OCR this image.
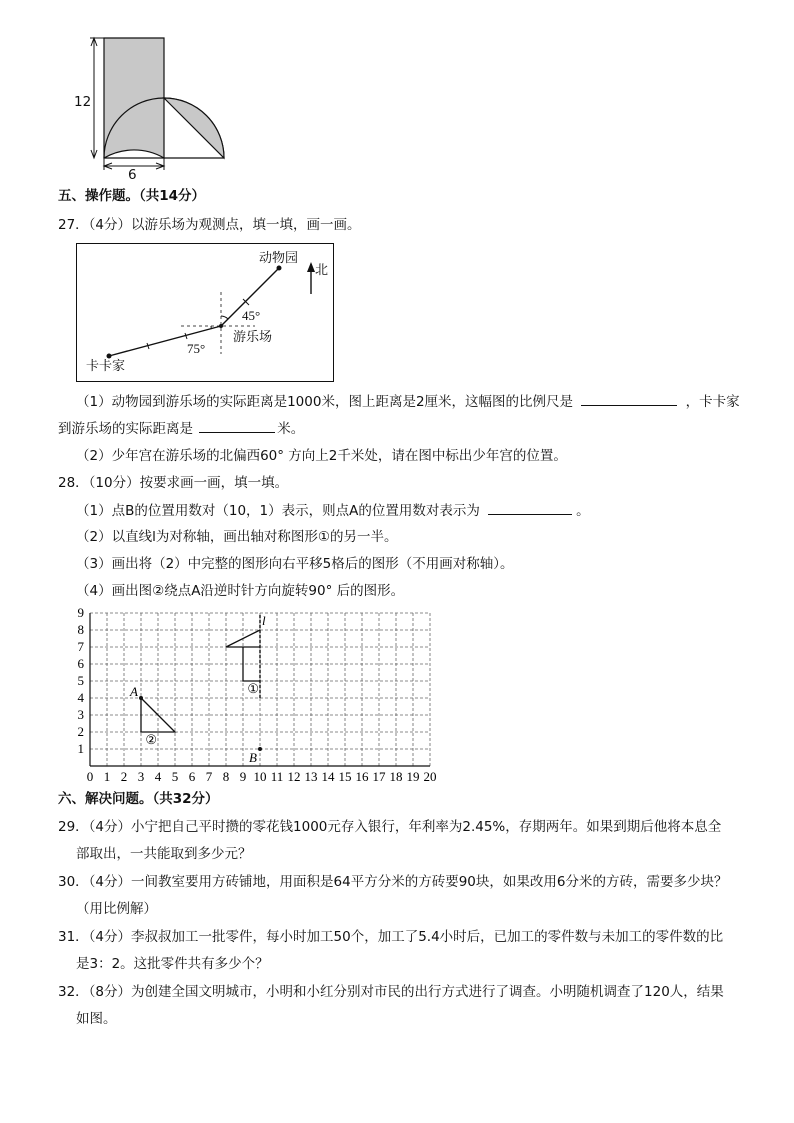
12
6
五、操作题。（共14分）
27．（4分）以游乐场为观测点，填一填，画一画。
动物园
北
45°
75°
游乐场
卡卡家
（1）动物园到游乐场的实际距离是1000米，图上距离是2厘米，这幅图的比例尺是	，卡卡家
到游乐场的实际距离是	米。
（2）少年宫在游乐场的北偏西60° 方向上2千米处，请在图中标出少年宫的位置。
28．（10分）按要求画一画，填一填。
（1）点B的位置用数对（10，1）表示，则点A的位置用数对表示为	。
（2）以直线l为对称轴，画出轴对称图形①的另一半。
（3）画出将（2）中完整的图形向右平移5格后的图形（不用画对称轴）。
（4）画出图②绕点A沿逆时针方向旋转90° 后的图形。
0 1 2 3 4 5 6 7 8 9 10 11 12 13 14 15 16 17 18 19 20
1
2
3
4
5
6
7
8
9
A
B
l
①
②
六、解决问题。（共32分）
29．（4分）小宁把自己平时攒的零花钱1000元存入银行，年利率为2.45%，存期两年。如果到期后他将本息全
部取出，一共能取到多少元？
30．（4分）一间教室要用方砖铺地，用面积是64平方分米的方砖要90块，如果改用6分米的方砖，需要多少块？
（用比例解）
31．（4分）李叔叔加工一批零件，每小时加工50个，加工了5.4小时后，已加工的零件数与未加工的零件数的比
是3：2。这批零件共有多少个？
32．（8分）为创建全国文明城市，小明和小红分别对市民的出行方式进行了调查。小明随机调查了120人，结果
如图。
